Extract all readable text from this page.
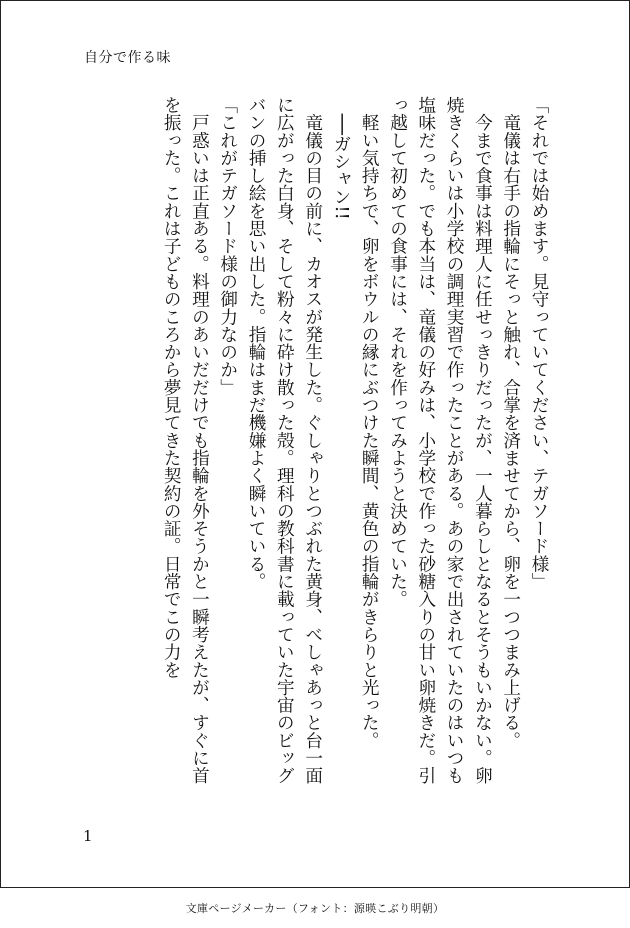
自分で作る味

「それでは始めます。見守っていてください、テガソード様」

　竜儀は右手の指輪にそっと触れ、合掌を済ませてから、卵を一つつまみ上げる。

　今まで食事は料理人に任せっきりだったが、一人暮らしとなるとそうもいかない。卵焼きくらいは小学校の調理実習で作ったことがある。あの家で出されていたのはいつも塩味だった。でも本当は、竜儀の好みは、小学校で作った砂糖入りの甘い卵焼きだ。引っ越して初めての食事には、それを作ってみようと決めていた。

　軽い気持ちで、卵をボウルの縁にぶつけた瞬間、黄色の指輪がきらりと光った。

　──ガシャン!!

　竜儀の目の前に、カオスが発生した。ぐしゃりとつぶれた黄身、べしゃあっと台一面に広がった白身、そして粉々に砕け散った殻。理科の教科書に載っていた宇宙のビッグバンの挿し絵を思い出した。指輪はまだ機嫌よく瞬いている。

「これがテガソード様の御力なのか」

　戸惑いは正直ある。料理のあいだだけでも指輪を外そうかと一瞬考えたが、すぐに首を振った。これは子どものころから夢見てきた契約の証。日常でこの力を

1
文庫ページメーカー（フォント：源暎こぶり明朝）
